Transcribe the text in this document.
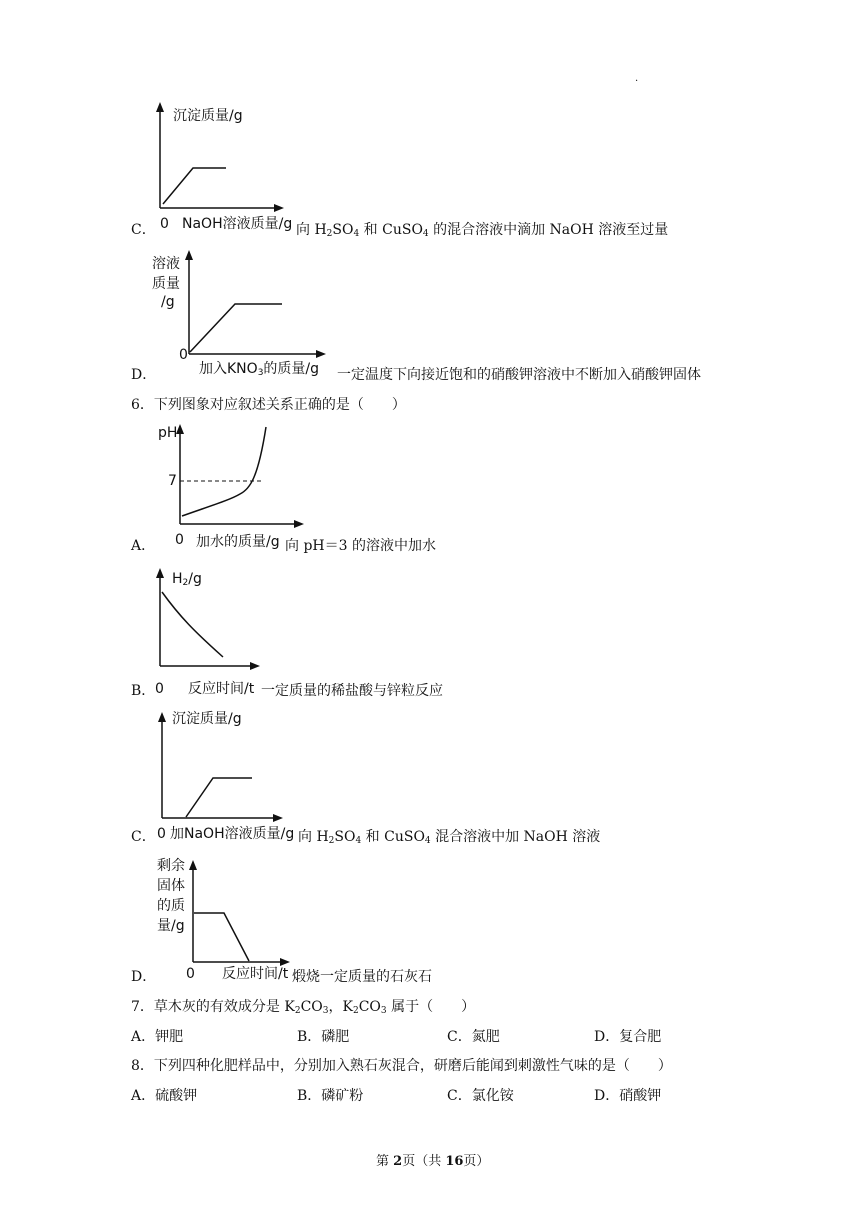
.
沉淀质量/g
0 NaOH溶液质量/g
C．	向 $H_2SO_4$ 和 CuSO$_4$ 的混合溶液中滴加 NaOH 溶液至过量
溶液
质量
/g
0
加入$KNO_3$的质量/g
D．	一定温度下向接近饱和的硝酸钾溶液中不断加入硝酸钾固体
6．下列图象对应叙述关系正确的是（　　）
pH
7
0 加水的质量/g
A．	向 pH＝3 的溶液中加水
$H_2/g$
0 反应时间/t
B．	一定质量的稀盐酸与锌粒反应
沉淀质量/g
0 加NaOH溶液质量/g
C．	向 $H_2SO_4$ 和 CuSO$_4$ 混合溶液中加 NaOH 溶液
剩余
固体
的质
量/g
0 反应时间/t
D．	煅烧一定质量的石灰石
7．草木灰的有效成分是 $K_2CO_3$，$K_2CO_3$ 属于（　　）
A．钾肥	B．磷肥	C．氮肥	D．复合肥
8．下列四种化肥样品中，分别加入熟石灰混合，研磨后能闻到刺激性气味的是（　　）
A．硫酸钾	B．磷矿粉	C．氯化铵	D．硝酸钾
第 2页（共 16页）
